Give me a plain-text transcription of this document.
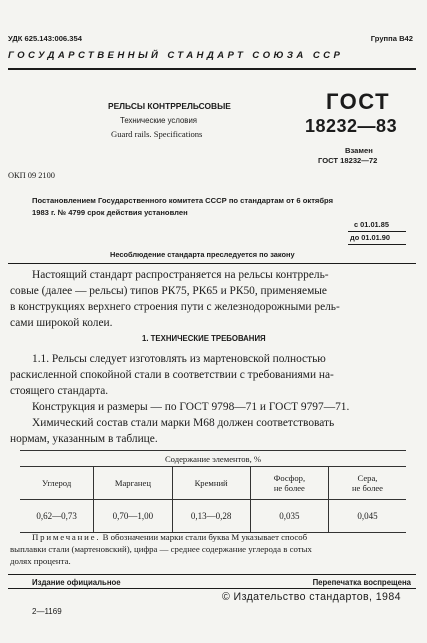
УДК 625.143:006.354	Группа В42
ГОСУДАРСТВЕННЫЙ СТАНДАРТ СОЮЗА ССР
РЕЛЬСЫ КОНТРРЕЛЬСОВЫЕ
Технические условия
Guard rails. Specifications
ГОСТ
18232—83
Взамен
ГОСТ 18232—72
ОКП 09 2100
Постановлением Государственного комитета СССР по стандартам от 6 октября
1983 г. № 4799 срок действия установлен
с 01.01.85
до 01.01.90
Несоблюдение стандарта преследуется по закону
Настоящий стандарт распространяется на рельсы контррель-
совые (далее — рельсы) типов РК75, РК65 и РК50, применяемые
в конструкциях верхнего строения пути с железнодорожными рель-
сами широкой колеи.
1. ТЕХНИЧЕСКИЕ ТРЕБОВАНИЯ
1.1. Рельсы следует изготовлять из мартеновской полностью
раскисленной спокойной стали в соответствии с требованиями на-
стоящего стандарта.
Конструкция и размеры — по ГОСТ 9798—71 и ГОСТ 9797—71.
Химический состав стали марки М68 должен соответствовать
нормам, указанным в таблице.
Содержание элементов, %				
Углерод	Марганец	Кремний	Фосфор,
не более	Сера,
не более
0,62—0,73	0,70—1,00	0,13—0,28	0,035	0,045
Примечание. В обозначении марки стали буква М указывает способ
выплавки стали (мартеновский), цифра — среднее содержание углерода в сотых
долях процента.
Издание официальное	Перепечатка воспрещена
© Издательство стандартов, 1984
2—1169
